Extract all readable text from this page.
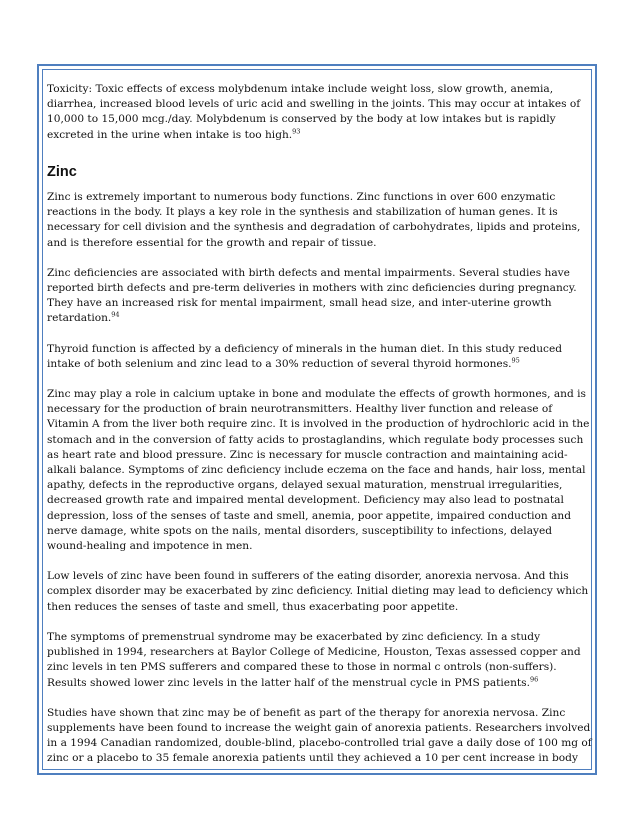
Toxicity: Toxic effects of excess molybdenum intake include weight loss, slow growth, anemia, diarrhea, increased blood levels of uric acid and swelling in the joints. This may occur at intakes of 10,000 to 15,000 mcg./day. Molybdenum is conserved by the body at low intakes but is rapidly excreted in the urine when intake is too high.$^{93}$

Zinc

Zinc is extremely important to numerous body functions. Zinc functions in over 600 enzymatic reactions in the body. It plays a key role in the synthesis and stabilization of human genes. It is necessary for cell division and the synthesis and degradation of carbohydrates, lipids and proteins, and is therefore essential for the growth and repair of tissue.

Zinc deficiencies are associated with birth defects and mental impairments. Several studies have reported birth defects and pre-term deliveries in mothers with zinc deficiencies during pregnancy. They have an increased risk for mental impairment, small head size, and inter-uterine growth retardation.$^{94}$

Thyroid function is affected by a deficiency of minerals in the human diet. In this study reduced intake of both selenium and zinc lead to a 30% reduction of several thyroid hormones.$^{95}$

Zinc may play a role in calcium uptake in bone and modulate the effects of growth hormones, and is necessary for the production of brain neurotransmitters. Healthy liver function and release of Vitamin A from the liver both require zinc. It is involved in the production of hydrochloric acid in the stomach and in the conversion of fatty acids to prostaglandins, which regulate body processes such as heart rate and blood pressure. Zinc is necessary for muscle contraction and maintaining acid-alkali balance. Symptoms of zinc deficiency include eczema on the face and hands, hair loss, mental apathy, defects in the reproductive organs, delayed sexual maturation, menstrual irregularities, decreased growth rate and impaired mental development. Deficiency may also lead to postnatal depression, loss of the senses of taste and smell, anemia, poor appetite, impaired conduction and nerve damage, white spots on the nails, mental disorders, susceptibility to infections, delayed wound-healing and impotence in men.

Low levels of zinc have been found in sufferers of the eating disorder, anorexia nervosa. And this complex disorder may be exacerbated by zinc deficiency. Initial dieting may lead to deficiency which then reduces the senses of taste and smell, thus exacerbating poor appetite.

The symptoms of premenstrual syndrome may be exacerbated by zinc deficiency. In a study published in 1994, researchers at Baylor College of Medicine, Houston, Texas assessed copper and zinc levels in ten PMS sufferers and compared these to those in normal c ontrols (non-suffers). Results showed lower zinc levels in the latter half of the menstrual cycle in PMS patients.$^{96}$

Studies have shown that zinc may be of benefit as part of the therapy for anorexia nervosa. Zinc supplements have been found to increase the weight gain of anorexia patients. Researchers involved in a 1994 Canadian randomized, double-blind, placebo-controlled trial gave a daily dose of 100 mg of zinc or a placebo to 35 female anorexia patients until they achieved a 10 per cent increase in body
